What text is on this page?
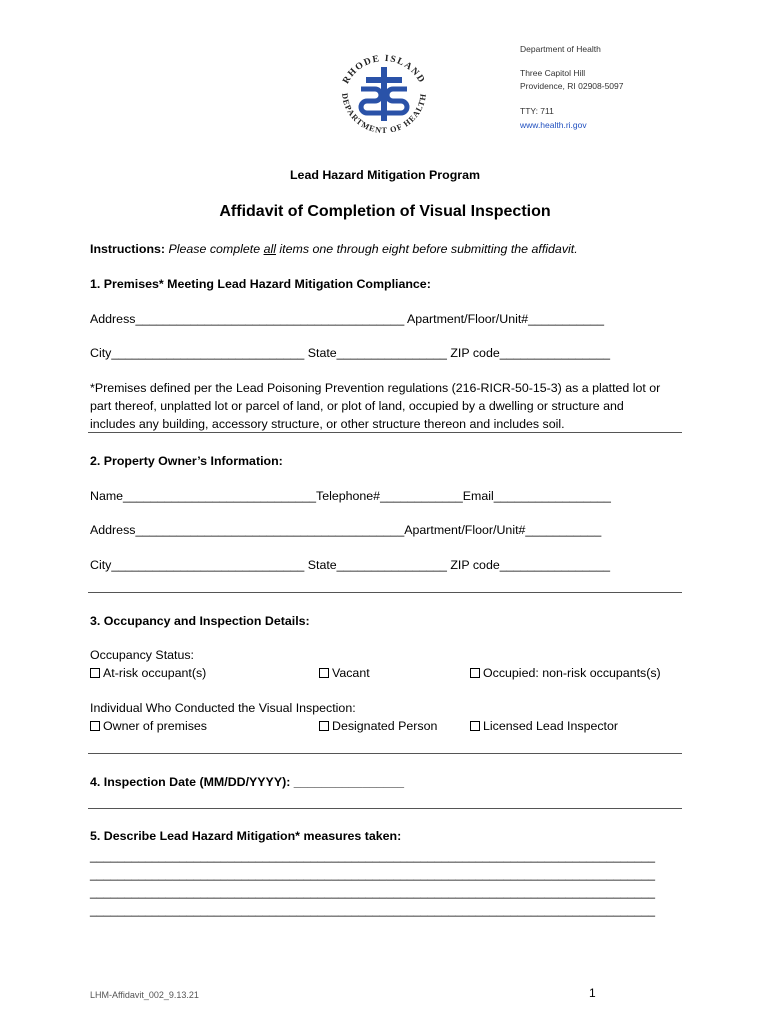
RHODE ISLAND
DEPARTMENT OF HEALTH
Department of Health
Three Capitol Hill
Providence, RI 02908-5097
TTY: 711
www.health.ri.gov
Lead Hazard Mitigation Program
Affidavit of Completion of Visual Inspection
Instructions: Please complete all items one through eight before submitting the affidavit.
1. Premises* Meeting Lead Hazard Mitigation Compliance:
Address_______________________________________ Apartment/Floor/Unit#___________
City____________________________ State________________ ZIP code________________
*Premises defined per the Lead Poisoning Prevention regulations (216-RICR-50-15-3) as a platted lot or
part thereof, unplatted lot or parcel of land, or plot of land, occupied by a dwelling or structure and
includes any building, accessory structure, or other structure thereon and includes soil.
2. Property Owner’s Information:
Name____________________________Telephone#____________Email_________________
Address_______________________________________Apartment/Floor/Unit#___________
City____________________________ State________________ ZIP code________________
3. Occupancy and Inspection Details:
Occupancy Status:
At-risk occupant(s)	Vacant	Occupied: non-risk occupants(s)
Individual Who Conducted the Visual Inspection:
Owner of premises	Designated Person	Licensed Lead Inspector
4. Inspection Date (MM/DD/YYYY): ________________
5. Describe Lead Hazard Mitigation* measures taken:
__________________________________________________________________________________
__________________________________________________________________________________
__________________________________________________________________________________
__________________________________________________________________________________
LHM-Affidavit_002_9.13.21	1
